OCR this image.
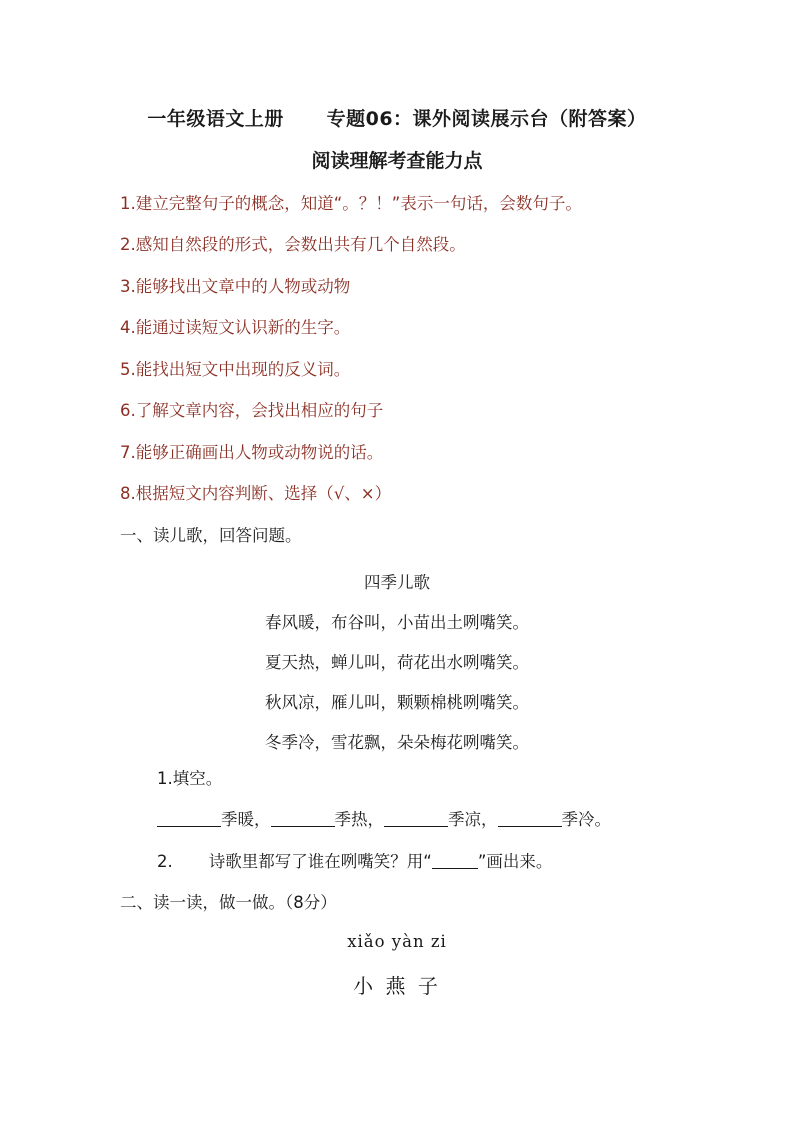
一年级语文上册      专题06：课外阅读展示台（附答案）
阅读理解考查能力点
1.建立完整句子的概念，知道“。？！”表示一句话，会数句子。
2.感知自然段的形式，会数出共有几个自然段。
3.能够找出文章中的人物或动物
4.能通过读短文认识新的生字。
5.能找出短文中出现的反义词。
6.了解文章内容，会找出相应的句子
7.能够正确画出人物或动物说的话。
8.根据短文内容判断、选择（√、×）
一、读儿歌，回答问题。
四季儿歌
春风暖，布谷叫，小苗出土咧嘴笑。
夏天热，蝉儿叫，荷花出水咧嘴笑。
秋风凉，雁儿叫，颗颗棉桃咧嘴笑。
冬季冷，雪花飘，朵朵梅花咧嘴笑。
1.填空。
季暖，	季热，	季凉，	季冷。
2. 诗歌里都写了谁在咧嘴笑？用“	”画出来。
二、读一读，做一做。（8分）
xiǎo yàn zi
小 燕 子
